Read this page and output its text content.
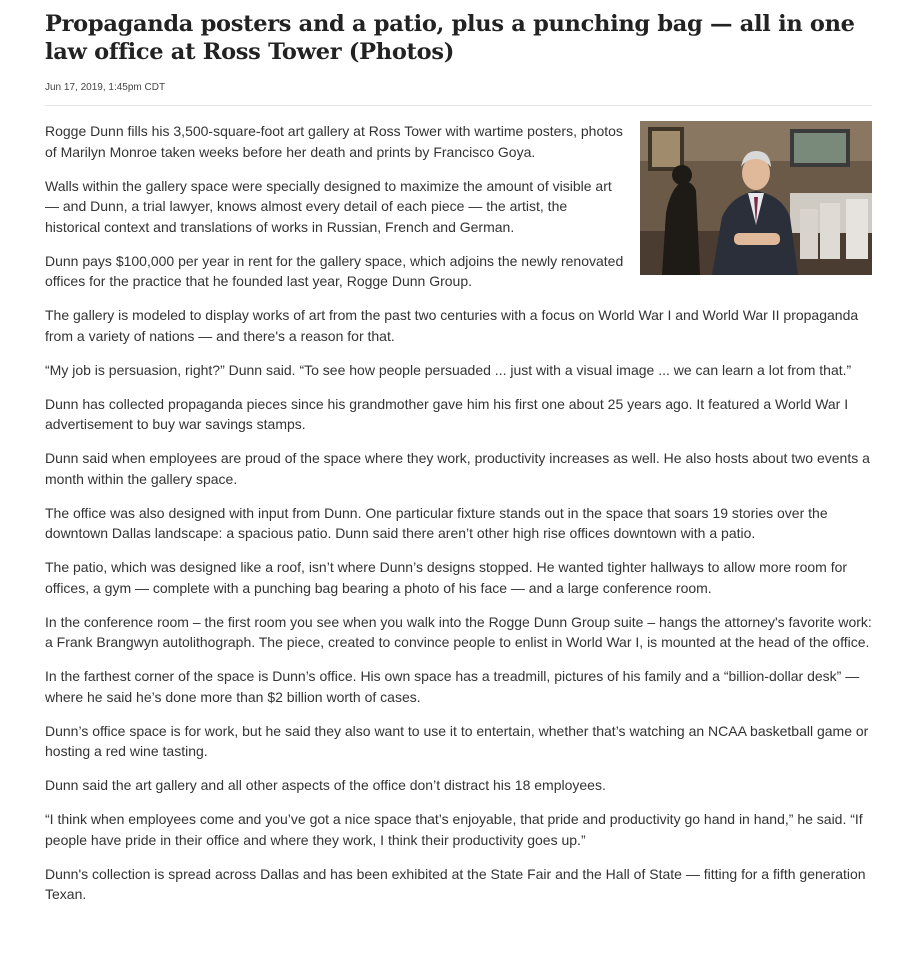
Propaganda posters and a patio, plus a punching bag — all in one law office at Ross Tower (Photos)
Jun 17, 2019, 1:45pm CDT

Rogge Dunn fills his 3,500-square-foot art gallery at Ross Tower with wartime posters, photos of Marilyn Monroe taken weeks before her death and prints by Francisco Goya.

Walls within the gallery space were specially designed to maximize the amount of visible art — and Dunn, a trial lawyer, knows almost every detail of each piece — the artist, the historical context and translations of works in Russian, French and German.

Dunn pays $100,000 per year in rent for the gallery space, which adjoins the newly renovated offices for the practice that he founded last year, Rogge Dunn Group.

The gallery is modeled to display works of art from the past two centuries with a focus on World War I and World War II propaganda from a variety of nations — and there's a reason for that.

“My job is persuasion, right?” Dunn said. “To see how people persuaded ... just with a visual image ... we can learn a lot from that.”

Dunn has collected propaganda pieces since his grandmother gave him his first one about 25 years ago. It featured a World War I advertisement to buy war savings stamps.

Dunn said when employees are proud of the space where they work, productivity increases as well. He also hosts about two events a month within the gallery space.

The office was also designed with input from Dunn. One particular fixture stands out in the space that soars 19 stories over the downtown Dallas landscape: a spacious patio. Dunn said there aren’t other high rise offices downtown with a patio.

The patio, which was designed like a roof, isn’t where Dunn’s designs stopped. He wanted tighter hallways to allow more room for offices, a gym — complete with a punching bag bearing a photo of his face — and a large conference room.

In the conference room – the first room you see when you walk into the Rogge Dunn Group suite – hangs the attorney's favorite work: a Frank Brangwyn autolithograph. The piece, created to convince people to enlist in World War I, is mounted at the head of the office.

In the farthest corner of the space is Dunn’s office. His own space has a treadmill, pictures of his family and a “billion-dollar desk” — where he said he’s done more than $2 billion worth of cases.

Dunn’s office space is for work, but he said they also want to use it to entertain, whether that’s watching an NCAA basketball game or hosting a red wine tasting.

Dunn said the art gallery and all other aspects of the office don’t distract his 18 employees.

“I think when employees come and you’ve got a nice space that’s enjoyable, that pride and productivity go hand in hand,” he said. “If people have pride in their office and where they work, I think their productivity goes up.”

Dunn's collection is spread across Dallas and has been exhibited at the State Fair and the Hall of State — fitting for a fifth generation Texan.
